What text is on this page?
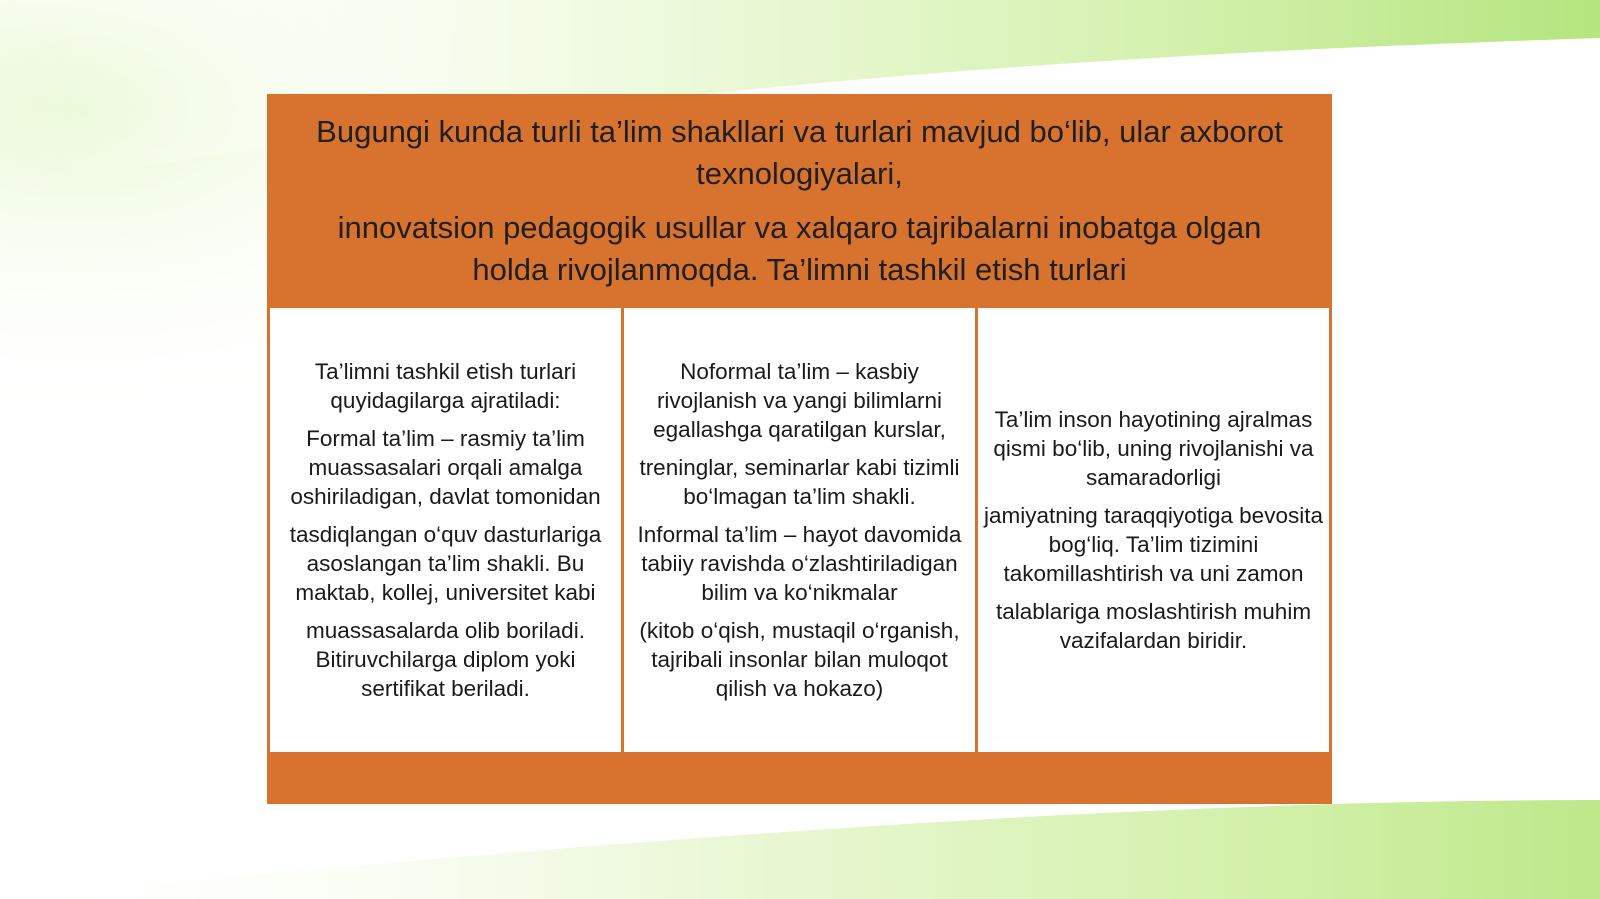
Bugungi kunda turli ta’lim shakllari va turlari mavjud bo‘lib, ular axborot texnologiyalari,

innovatsion pedagogik usullar va xalqaro tajribalarni inobatga olgan holda rivojlanmoqda. Ta’limni tashkil etish turlari

Ta’limni tashkil etish turlari quyidagilarga ajratiladi:

Formal ta’lim – rasmiy ta’lim muassasalari orqali amalga oshiriladigan, davlat tomonidan

tasdiqlangan o‘quv dasturlariga asoslangan ta’lim shakli. Bu maktab, kollej, universitet kabi

muassasalarda olib boriladi. Bitiruvchilarga diplom yoki sertifikat beriladi.

Noformal ta’lim – kasbiy rivojlanish va yangi bilimlarni egallashga qaratilgan kurslar,

treninglar, seminarlar kabi tizimli bo‘lmagan ta’lim shakli.

Informal ta’lim – hayot davomida tabiiy ravishda o‘zlashtiriladigan bilim va ko‘nikmalar

(kitob o‘qish, mustaqil o‘rganish, tajribali insonlar bilan muloqot qilish va hokazo)

Ta’lim inson hayotining ajralmas qismi bo‘lib, uning rivojlanishi va samaradorligi

jamiyatning taraqqiyotiga bevosita bog‘liq. Ta’lim tizimini takomillashtirish va uni zamon

talablariga moslashtirish muhim vazifalardan biridir.
